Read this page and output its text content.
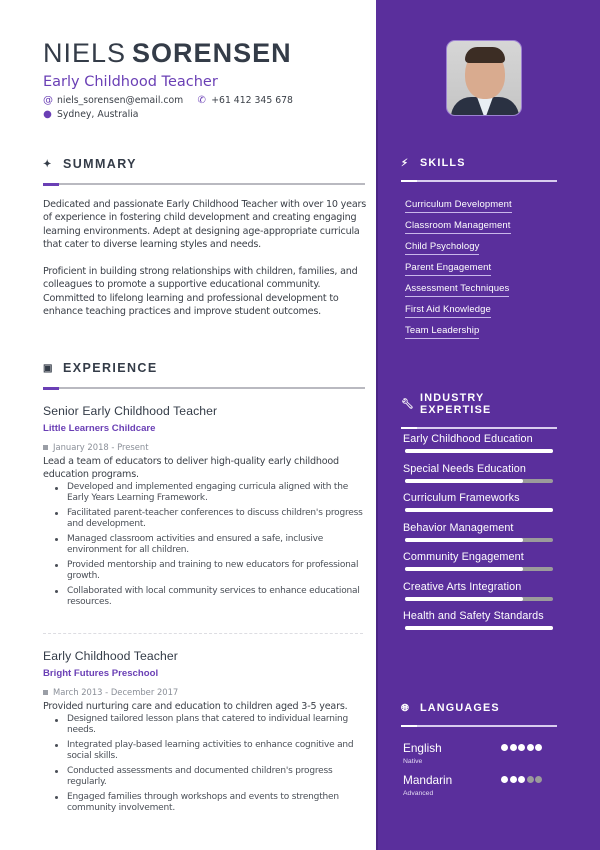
NIELS SORENSEN
Early Childhood Teacher
@ niels_sorensen@email.com ✆ +61 412 345 678
● Sydney, Australia
✦ SUMMARY

Dedicated and passionate Early Childhood Teacher with over 10 years of experience in fostering child development and creating engaging learning environments. Adept at designing age-appropriate curricula that cater to diverse learning styles and needs.

Proficient in building strong relationships with children, families, and colleagues to promote a supportive educational community. Committed to lifelong learning and professional development to enhance teaching practices and improve student outcomes.

▣ EXPERIENCE
Senior Early Childhood Teacher
Little Learners Childcare
January 2018 - Present
Lead a team of educators to deliver high-quality early childhood education programs.
Developed and implemented engaging curricula aligned with the Early Years Learning Framework.
Facilitated parent-teacher conferences to discuss children's progress and development.
Managed classroom activities and ensured a safe, inclusive environment for all children.
Provided mentorship and training to new educators for professional growth.
Collaborated with local community services to enhance educational resources.
Early Childhood Teacher
Bright Futures Preschool
March 2013 - December 2017
Provided nurturing care and education to children aged 3-5 years.
Designed tailored lesson plans that catered to individual learning needs.
Integrated play-based learning activities to enhance cognitive and social skills.
Conducted assessments and documented children's progress regularly.
Engaged families through workshops and events to strengthen community involvement.
⚡︎ SKILLS
Curriculum Development
Classroom Management
Child Psychology
Parent Engagement
Assessment Techniques
First Aid Knowledge
Team Leadership
🔧︎ INDUSTRY EXPERTISE
Early Childhood Education
Special Needs Education
Curriculum Frameworks
Behavior Management
Community Engagement
Creative Arts Integration
Health and Safety Standards
🌐︎ LANGUAGES
English
Native
Mandarin
Advanced
